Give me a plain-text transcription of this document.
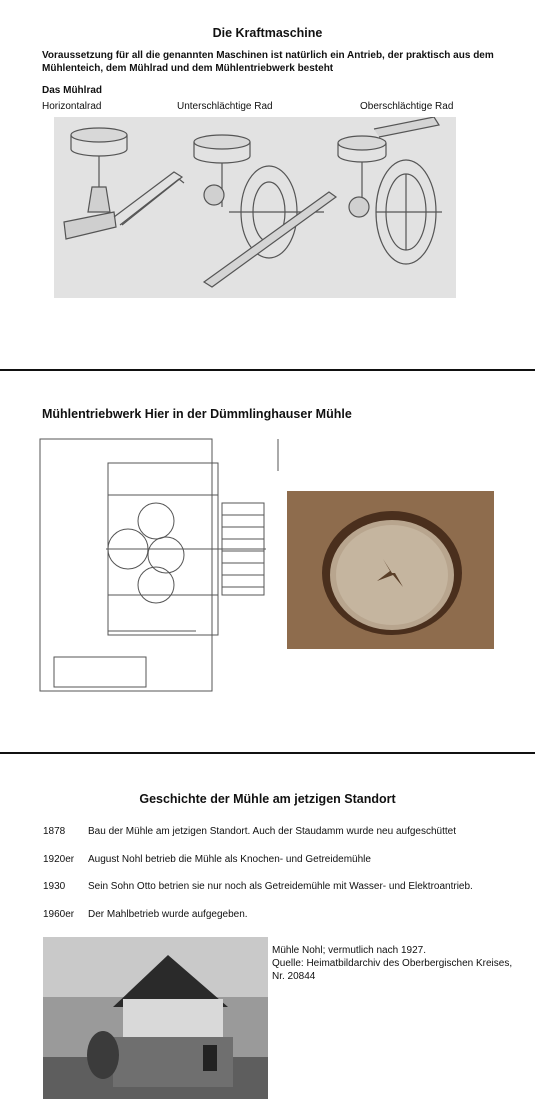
Die Kraftmaschine
Voraussetzung für all die genannten Maschinen ist natürlich ein Antrieb, der praktisch aus dem Mühlenteich, dem Mühlrad und dem Mühlentriebwerk besteht
Das Mühlrad
Horizontalrad	Unterschlächtige Rad	Oberschlächtige Rad
Mühlentriebwerk Hier in der Dümmlinghauser Mühle
Geschichte der Mühle am jetzigen Standort
1878	Bau der Mühle am jetzigen Standort. Auch der Staudamm wurde neu aufgeschüttet
1920er	August Nohl betrieb die Mühle als Knochen- und Getreidemühle
1930	Sein Sohn Otto betrien sie nur noch als Getreidemühle mit Wasser- und Elektroantrieb.
1960er	Der Mahlbetrieb wurde aufgegeben.
Mühle Nohl; vermutlich nach 1927.
Quelle: Heimatbildarchiv des Oberbergischen Kreises,
Nr. 20844
